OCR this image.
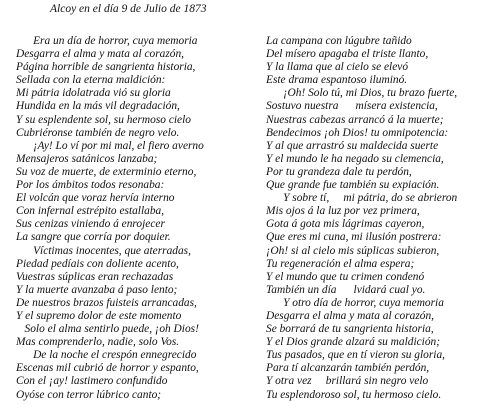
Alcoy en el día 9 de Julio de 1873
Era un día de horror, cuya memoria
Desgarra el alma y mata al corazón,
Página horrible de sangrienta historia,
Sellada con la eterna maldición:
Mi pátria idolatrada vió su gloria
Hundida en la más vil degradación,
Y su esplendente sol, su hermoso cielo
Cubriéronse también de negro velo.
¡Ay! Lo ví por mi mal, el fiero averno
Mensajeros satánicos lanzaba;
Su voz de muerte, de exterminio eterno,
Por los ámbitos todos resonaba:
El volcán que voraz hervía interno
Con infernal estrépito estallaba,
Sus cenizas viniendo á enrojecer
La sangre que corría por doquier.
Víctimas inocentes, que aterradas,
Piedad pedíais con doliente acento,
Vuestras súplicas eran rechazadas
Y la muerte avanzaba á paso lento;
De nuestros brazos fuisteis arrancadas,
Y el supremo dolor de este momento
Solo el alma sentirlo puede, ¡oh Dios!
Mas comprenderlo, nadie, solo Vos.
De la noche el crespón ennegrecido
Escenas mil cubrió de horror y espanto,
Con el ¡ay! lastimero confundido
Oyóse con terror lúbrico canto;
La campana con lúgubre tañido
Del mísero apagaba el triste llanto,
Y la llama que al cielo se elevó
Este drama espantoso iluminó.
¡Oh! Solo tú, mi Dios, tu brazo fuerte,
Sostuvo nuestra      mísera existencia,
Nuestras cabezas arrancó á la muerte;
Bendecimos ¡oh Dios! tu omnipotencia:
Y al que arrastró su maldecida suerte
Y el mundo le ha negado su clemencia,
Por tu grandeza dale tu perdón,
Que grande fue también su expiación.
Y sobre tí,     mi pátria, do se abrieron
Mis ojos á la luz por vez primera,
Gota á gota mis lágrimas cayeron,
Que eres mi cuna, mi ilusión postrera:
¡Oh! si al cielo mis súplicas subieron,
Tu regeneración el alma espera;
Y el mundo que tu crimen condenó
También un día      lvidará cual yo.
Y otro día de horror, cuya memoria
Desgarra el alma y mata al corazón,
Se borrará de tu sangrienta historia,
Y el Dios grande alzará su maldición;
Tus pasados, que en tí vieron su gloria,
Para tí alcanzarán también perdón,
Y otra vez     brillará sin negro velo
Tu esplendoroso sol, tu hermoso cielo.
